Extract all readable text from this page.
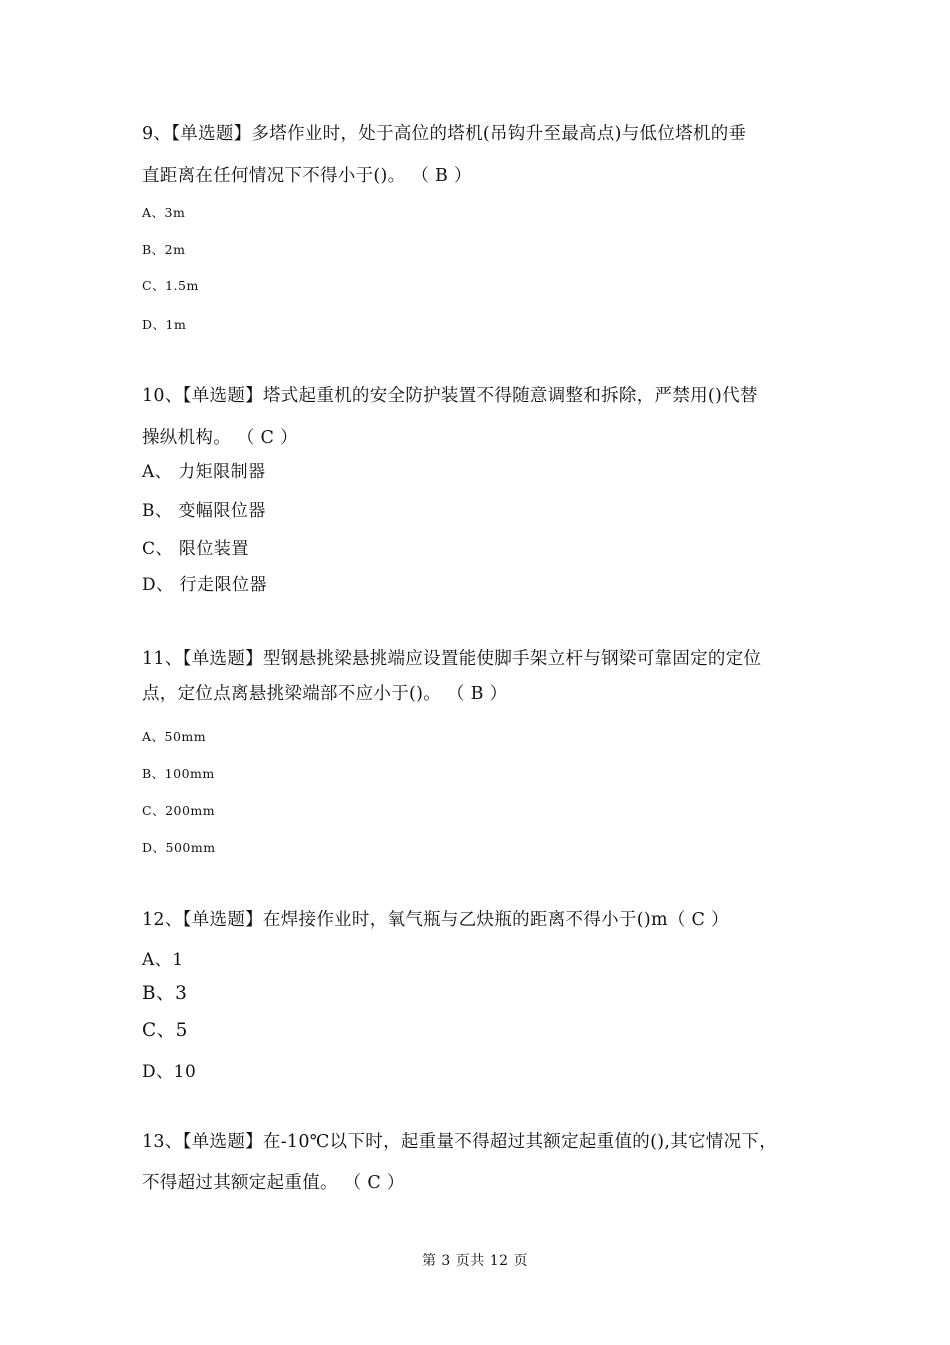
9、【单选题】多塔作业时，处于高位的塔机(吊钩升至最高点)与低位塔机的垂
直距离在任何情况下不得小于()。 （ B ）
A、3m
B、2m
C、1.5m
D、1m
10、【单选题】塔式起重机的安全防护装置不得随意调整和拆除，严禁用()代替
操纵机构。 （ C ）
A、 力矩限制器
B、 变幅限位器
C、 限位装置
D、 行走限位器
11、【单选题】型钢悬挑梁悬挑端应设置能使脚手架立杆与钢梁可靠固定的定位
点，定位点离悬挑梁端部不应小于()。 （ B ）
A、50mm
B、100mm
C、200mm
D、500mm
12、【单选题】在焊接作业时，氧气瓶与乙炔瓶的距离不得小于()m（ C ）
A、1
B、3
C、5
D、10
13、【单选题】在-10℃以下时，起重量不得超过其额定起重值的(),其它情况下，
不得超过其额定起重值。 （ C ）
第 3 页共 12 页
